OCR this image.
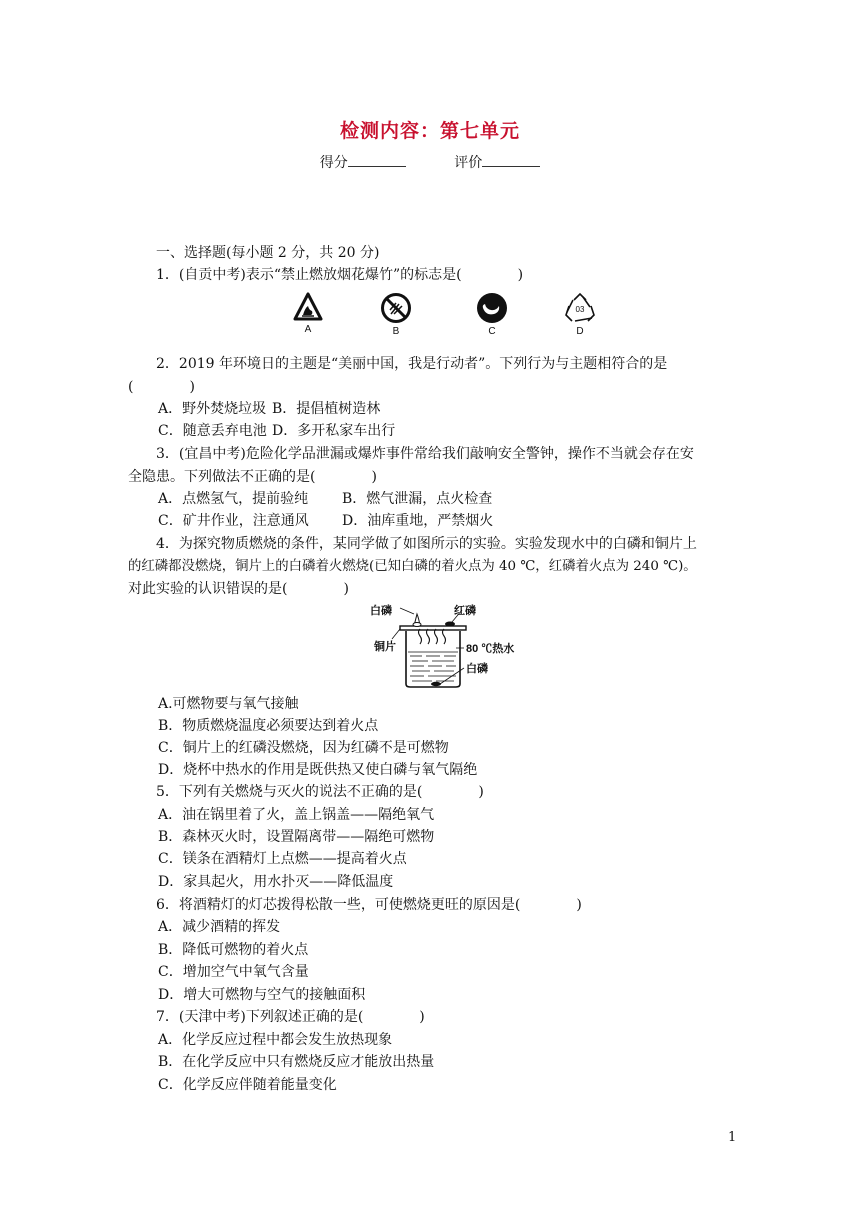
检测内容：第七单元
得分	评价
一、选择题(每小题 2 分，共 20 分)
1．(自贡中考)表示“禁止燃放烟花爆竹”的标志是(　　　　)
A	B	C
03
D
2．2019 年环境日的主题是“美丽中国，我是行动者”。下列行为与主题相符合的是
(　　　　)
A．野外焚烧垃圾 B．提倡植树造林
C．随意丢弃电池 D．多开私家车出行
3．(宜昌中考)危险化学品泄漏或爆炸事件常给我们敲响安全警钟，操作不当就会存在安
全隐患。下列做法不正确的是(　　　　)
A．点燃氢气，提前验纯 B．燃气泄漏，点火检查
C．矿井作业，注意通风 D．油库重地，严禁烟火
4．为探究物质燃烧的条件，某同学做了如图所示的实验。实验发现水中的白磷和铜片上
的红磷都没燃烧，铜片上的白磷着火燃烧(已知白磷的着火点为 40 ℃，红磷着火点为 240 ℃)。
对此实验的认识错误的是(　　　　)
白磷	红磷
铜片	80 ℃热水
白磷
A.可燃物要与氧气接触
B．物质燃烧温度必须要达到着火点
C．铜片上的红磷没燃烧，因为红磷不是可燃物
D．烧杯中热水的作用是既供热又使白磷与氧气隔绝
5．下列有关燃烧与灭火的说法不正确的是(　　　　)
A．油在锅里着了火，盖上锅盖——隔绝氧气
B．森林灭火时，设置隔离带——隔绝可燃物
C．镁条在酒精灯上点燃——提高着火点
D．家具起火，用水扑灭——降低温度
6．将酒精灯的灯芯拨得松散一些，可使燃烧更旺的原因是(　　　　)
A．减少酒精的挥发
B．降低可燃物的着火点
C．增加空气中氧气含量
D．增大可燃物与空气的接触面积
7．(天津中考)下列叙述正确的是(　　　　)
A．化学反应过程中都会发生放热现象
B．在化学反应中只有燃烧反应才能放出热量
C．化学反应伴随着能量变化
1
